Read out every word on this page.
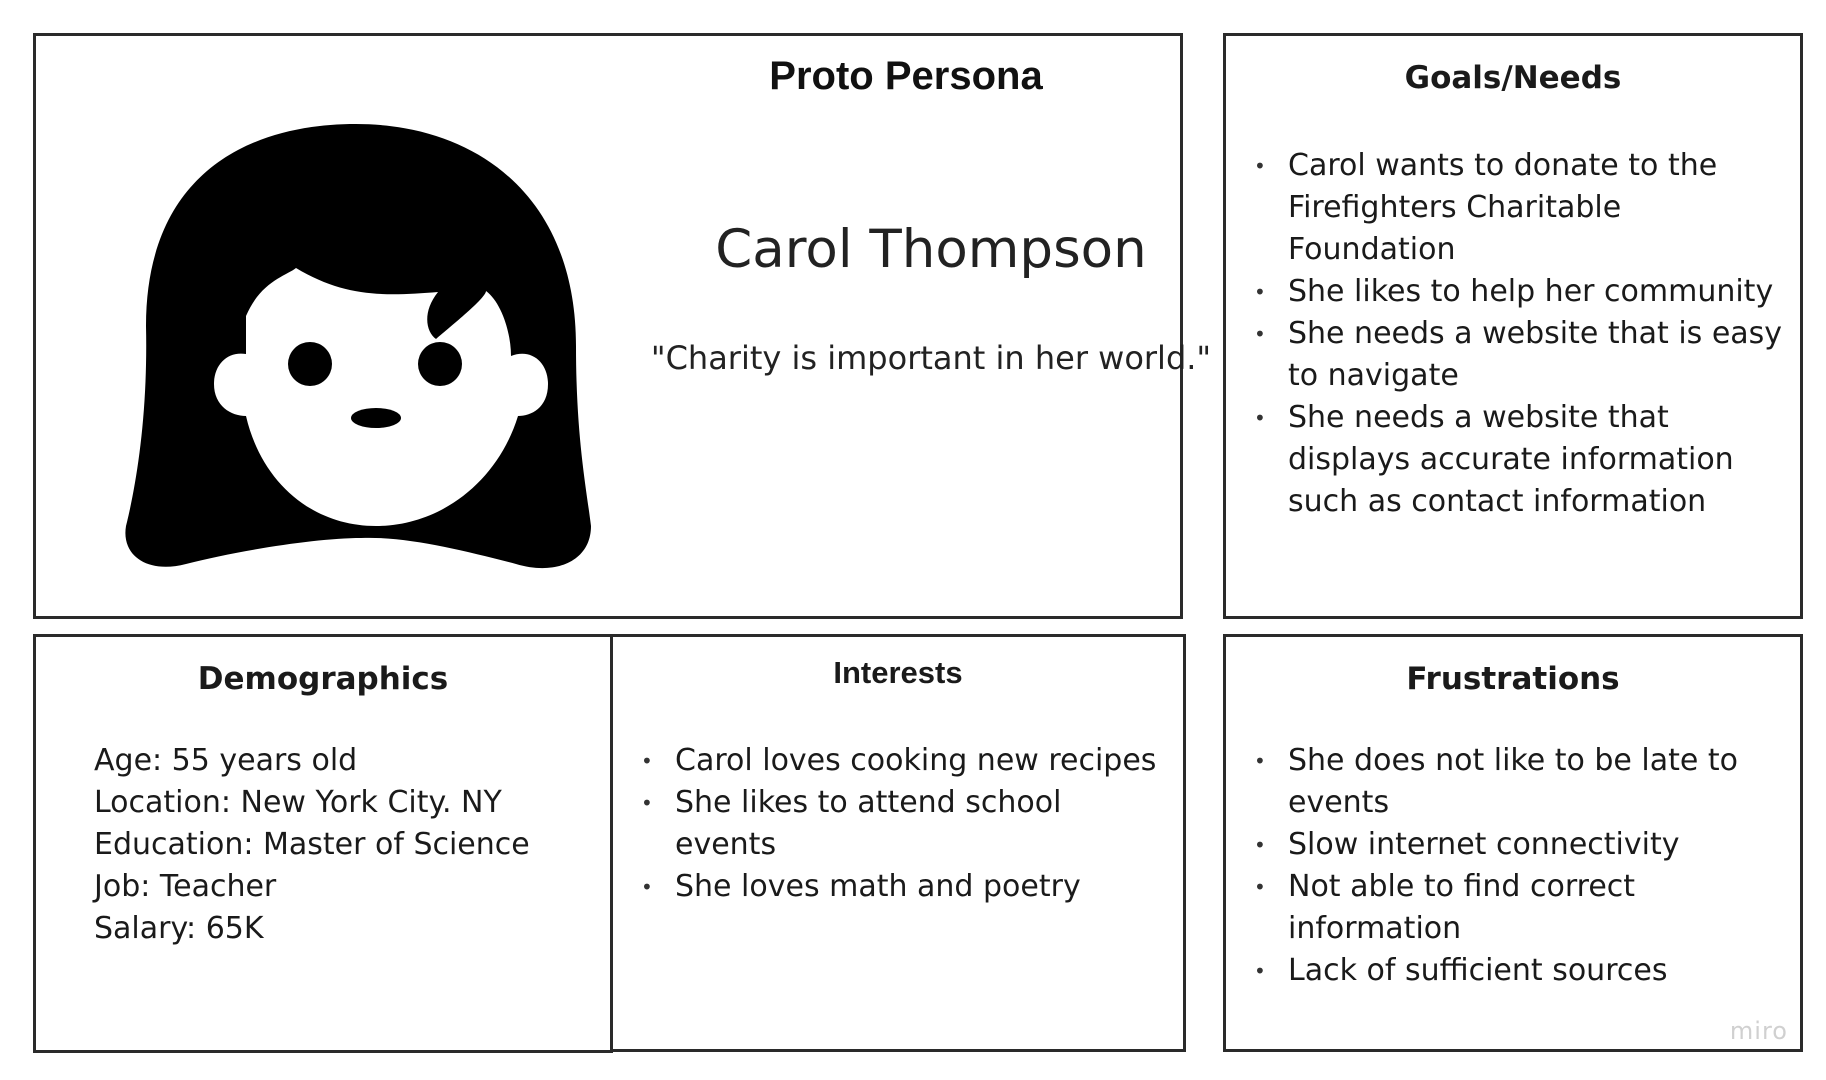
Proto Persona
Carol Thompson
"Charity is important in her world."
Goals/Needs
• Carol wants to donate to the Firefighters Charitable Foundation
• She likes to help her community
• She needs a website that is easy to navigate
• She needs a website that displays accurate information such as contact information
Demographics
Age: 55 years old
Location: New York City. NY
Education: Master of Science
Job: Teacher
Salary: 65K
Interests
• Carol loves cooking new recipes
• She likes to attend school events
• She loves math and poetry
Frustrations
• She does not like to be late to events
• Slow internet connectivity
• Not able to find correct information
• Lack of sufficient sources
miro
